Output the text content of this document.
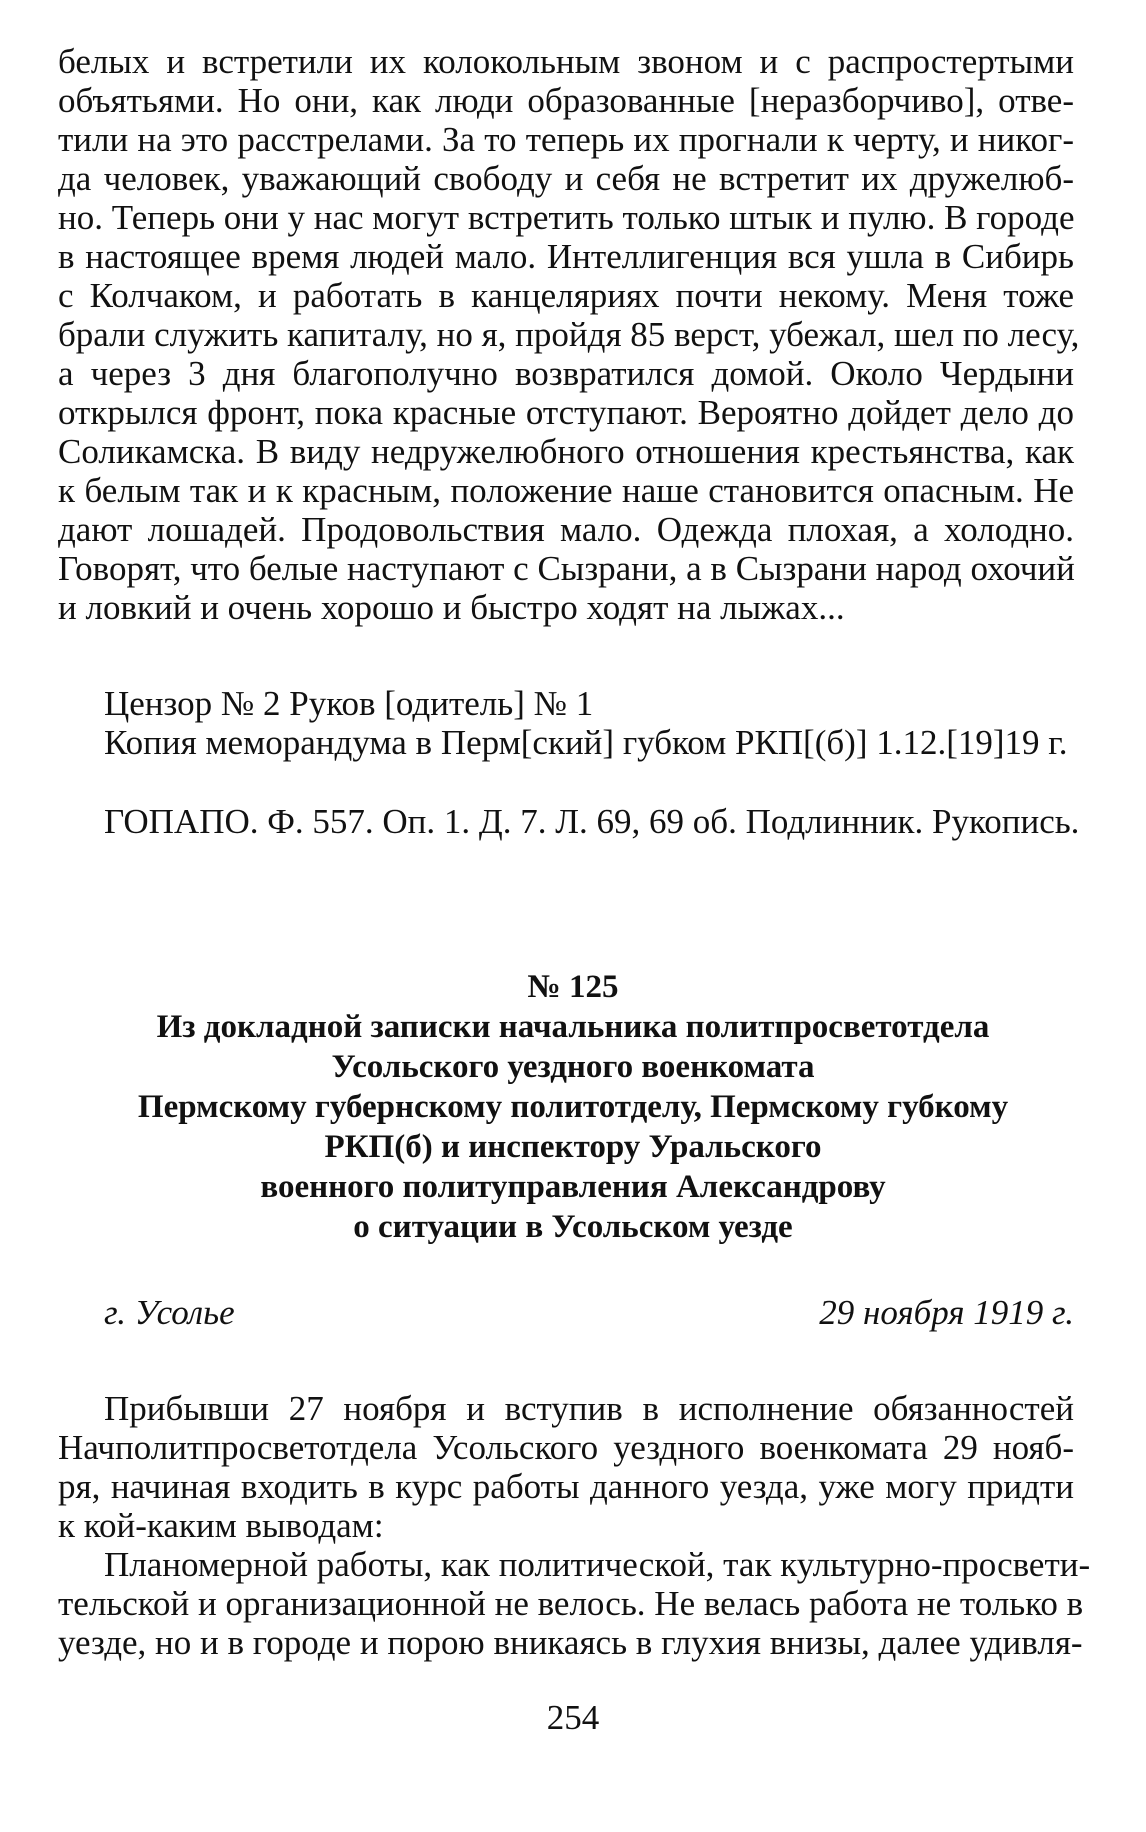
белых и встретили их колокольным звоном и с распростертыми
объятьями. Но они, как люди образованные [неразборчиво], отве-
тили на это расстрелами. За то теперь их прогнали к черту, и никог-
да человек, уважающий свободу и себя не встретит их дружелюб-
но. Теперь они у нас могут встретить только штык и пулю. В городе
в настоящее время людей мало. Интеллигенция вся ушла в Сибирь
с Колчаком, и работать в канцеляриях почти некому. Меня тоже
брали служить капиталу, но я, пройдя 85 верст, убежал, шел по лесу,
а через 3 дня благополучно возвратился домой. Около Чердыни
открылся фронт, пока красные отступают. Вероятно дойдет дело до
Соликамска. В виду недружелюбного отношения крестьянства, как
к белым так и к красным, положение наше становится опасным. Не
дают лошадей. Продовольствия мало. Одежда плохая, а холодно.
Говорят, что белые наступают с Сызрани, а в Сызрани народ охочий
и ловкий и очень хорошо и быстро ходят на лыжах...
Цензор № 2 Руков [одитель] № 1
Копия меморандума в Перм[ский] губком РКП[(б)] 1.12.[19]19 г.
ГОПАПО. Ф. 557. Оп. 1. Д. 7. Л. 69, 69 об. Подлинник. Рукопись.
№ 125
Из докладной записки начальника политпросветотдела
Усольского уездного военкомата
Пермскому губернскому политотделу, Пермскому губкому
РКП(б) и инспектору Уральского
военного политуправления Александрову
о ситуации в Усольском уезде
г. Усолье	29 ноября 1919 г.
Прибывши 27 ноября и вступив в исполнение обязанностей
Начполитпросветотдела Усольского уездного военкомата 29 нояб-
ря, начиная входить в курс работы данного уезда, уже могу придти
к кой-каким выводам:
Планомерной работы, как политической, так культурно-просвети-
тельской и организационной не велось. Не велась работа не только в
уезде, но и в городе и порою вникаясь в глухия внизы, далее удивля-
254
